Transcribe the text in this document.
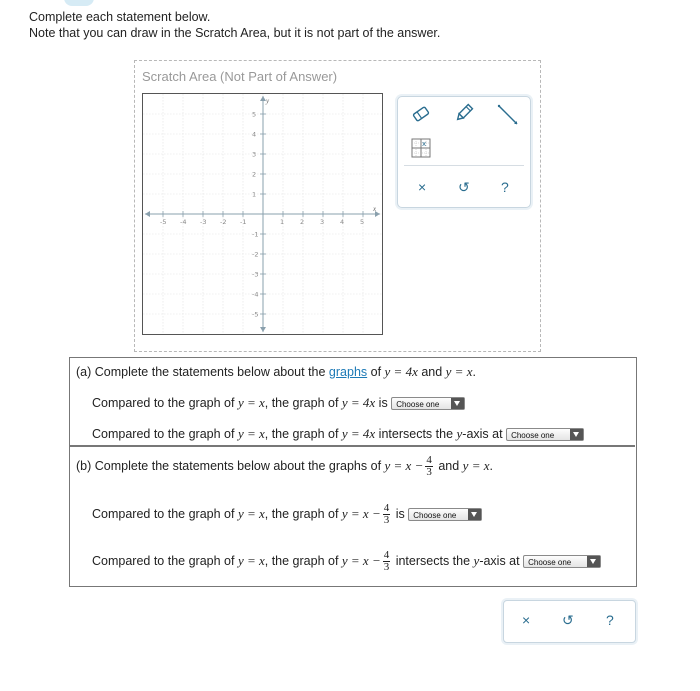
Complete each statement below.
Note that you can draw in the Scratch Area, but it is not part of the answer.
Scratch Area (Not Part of Answer)
-5 -4 -3 -2 -1	1 2 3 4 5
5
4
3
2
1
-1
-2
-3
-4
-5
x
y
x
× ↺ ?
(a) Complete the statements below about the graphs of y = 4x and y = x.
Compared to the graph of y = x, the graph of y = 4x is Choose one
Compared to the graph of y = x, the graph of y = 4x intersects the y-axis at Choose one
(b) Complete the statements below about the graphs of $y = x - \frac{4}{3}$ and y = x.
Compared to the graph of y = x, the graph of $y = x - \frac{4}{3}$ is Choose one
Compared to the graph of y = x, the graph of $y = x - \frac{4}{3}$ intersects the y-axis at Choose one
× ↺ ?
